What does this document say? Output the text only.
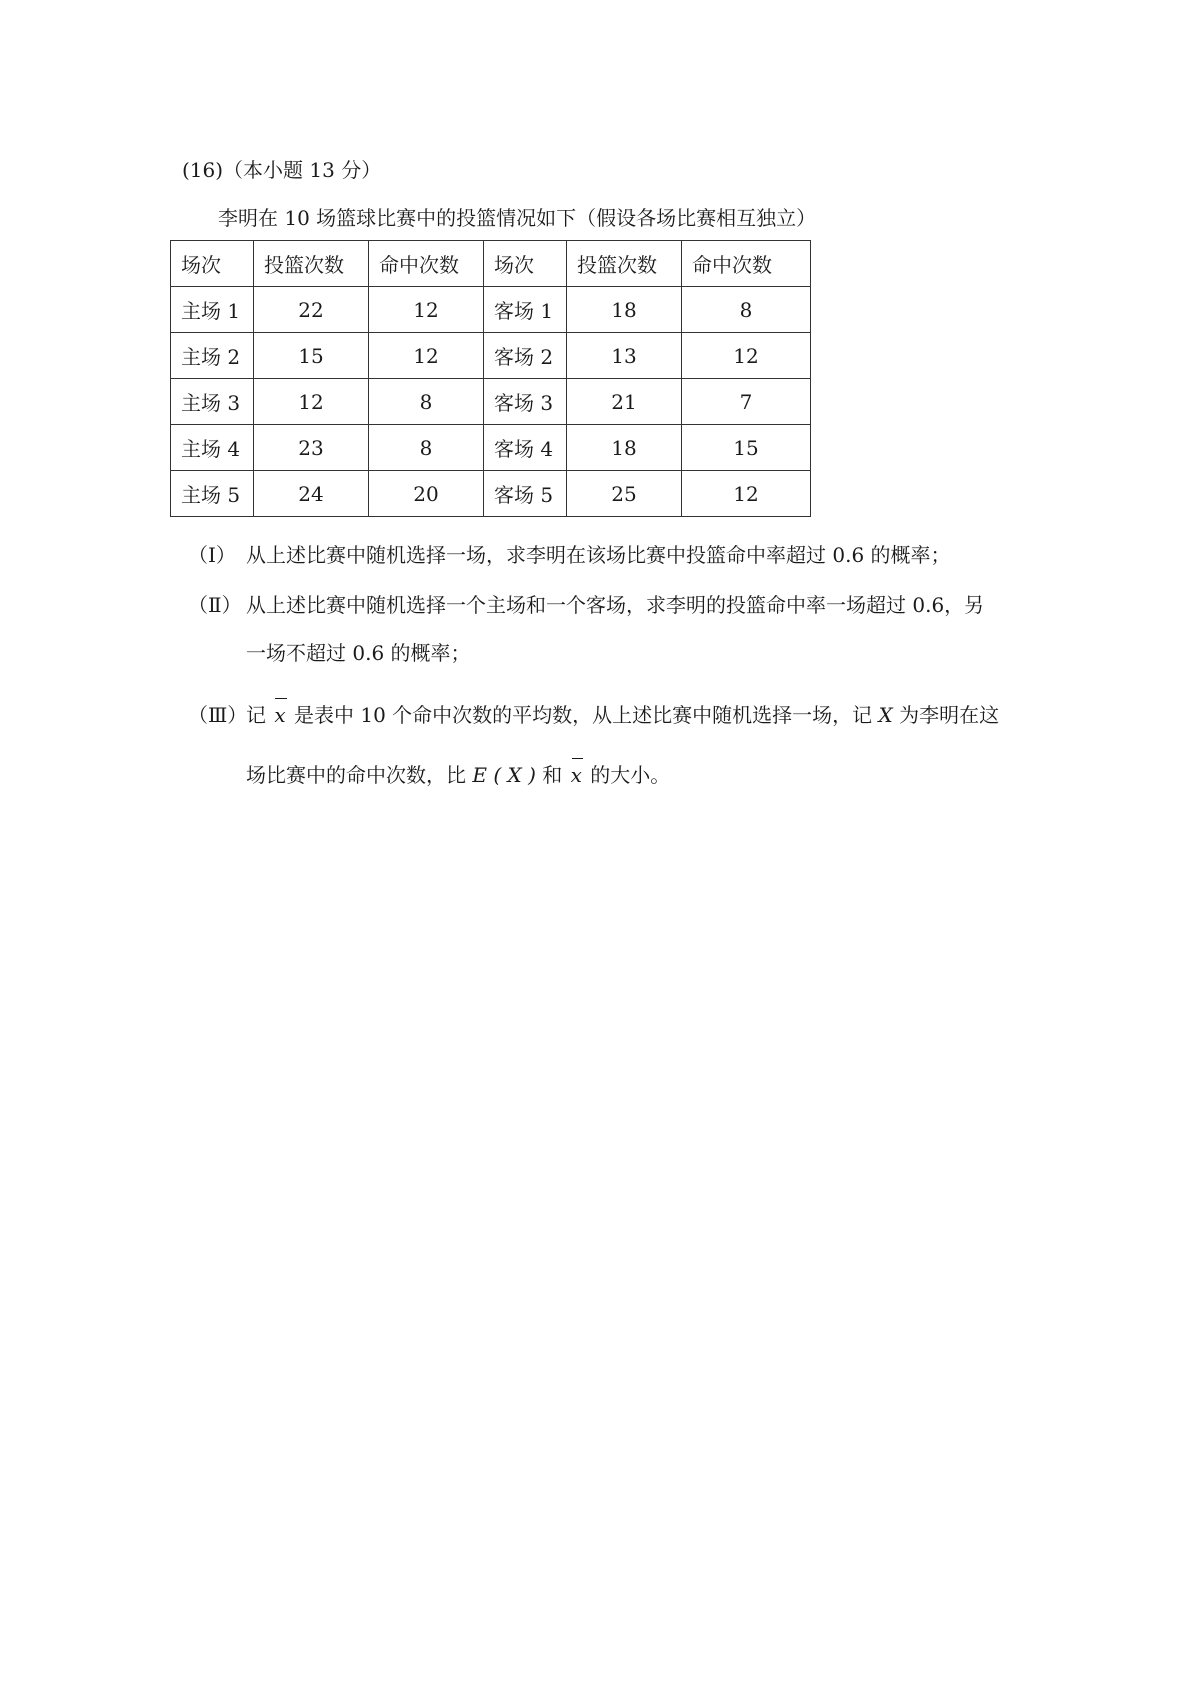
(16)（本小题 13 分）
李明在 10 场篮球比赛中的投篮情况如下（假设各场比赛相互独立）
场次	投篮次数	命中次数	场次	投篮次数	命中次数
主场 1	22	12	客场 1	18	8
主场 2	15	12	客场 2	13	12
主场 3	12	8	客场 3	21	7
主场 4	23	8	客场 4	18	15
主场 5	24	20	客场 5	25	12
（Ⅰ） 从上述比赛中随机选择一场，求李明在该场比赛中投篮命中率超过 0.6 的概率；
（Ⅱ） 从上述比赛中随机选择一个主场和一个客场，求李明的投篮命中率一场超过 0.6，另
一场不超过 0.6 的概率；
（Ⅲ）
记 x 是表中 10 个命中次数的平均数，从上述比赛中随机选择一场，记 X 为李明在这
场比赛中的命中次数，比 E ( X ) 和 x 的大小。
